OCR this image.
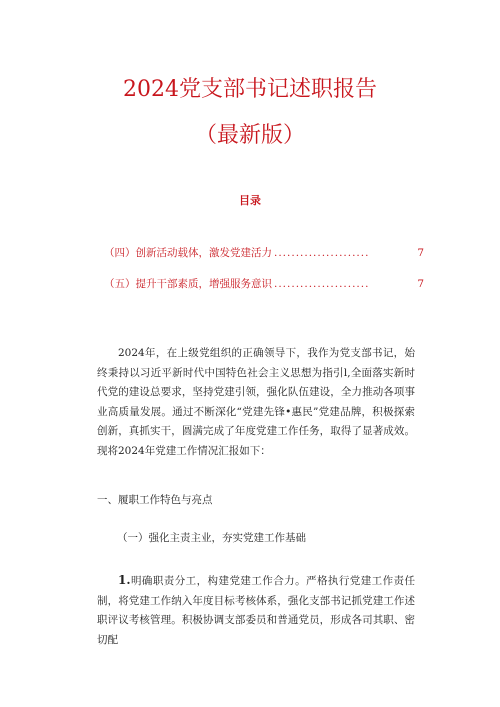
2024党支部书记述职报告
（最新版）
目录
（四）创新活动载体，激发党建活力 ......................	7
（五）提升干部素质，增强服务意识 ......................	7
2024年，在上级党组织的正确领导下，我作为党支部书记，始终秉持以习近平新时代中国特色社会主义思想为指引l,全面落实新时代党的建设总要求，坚持党建引领，强化队伍建设，全力推动各项事业高质量发展。通过不断深化“党建先锋•惠民”党建品牌，积极探索创新，真抓实干，圆满完成了年度党建工作任务，取得了显著成效。现将2024年党建工作情况汇报如下：
一、履职工作特色与亮点
（一）强化主责主业，夯实党建工作基础
1.明确职责分工，构建党建工作合力。严格执行党建工作责任制，将党建工作纳入年度目标考核体系，强化支部书记抓党建工作述职评议考核管理。积极协调支部委员和普通党员，形成各司其职、密切配
